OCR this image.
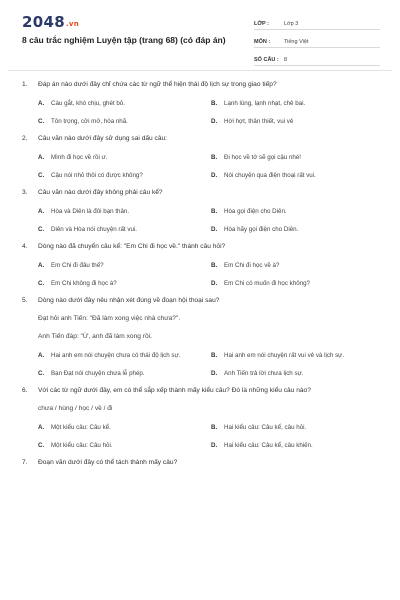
2048.vn
8 câu trắc nghiệm Luyện tập (trang 68) (có đáp án)
LỚP :	Lớp 3
MÔN :	Tiếng Việt
SỐ CÂU : 8
1.	Đáp án nào dưới đây chỉ chứa các từ ngữ thể hiện thái độ lịch sự trong giao tiếp?
A.	Cáu gắt, khó chịu, ghét bỏ.	B.	Lạnh lùng, lạnh nhạt, chê bai.
C.	Tôn trọng, cởi mở, hòa nhã.	D.	Hời hợt, thân thiết, vui vẻ
2.	Câu văn nào dưới đây sử dụng sai dấu câu:
A.	Mình đi học về rồi ư.	B.	Đi học về tớ sẽ gọi cậu nhé!
C.	Cậu nói nhỏ thôi có được không?	D.	Nói chuyện qua điện thoại rất vui.
3.	Câu văn nào dưới đây không phải câu kể?
A.	Hòa và Diên là đôi bạn thân.	B.	Hòa gọi điện cho Diên.
C.	Diên và Hòa nói chuyện rất vui.	D.	Hòa hãy gọi điện cho Diên.
4.	Dòng nào đã chuyển câu kể: "Em Chi đi học về." thành câu hỏi?
A.	Em Chi đi đâu thế?	B.	Em Chi đi học về à?
C.	Em Chi không đi học à?	D.	Em Chi có muốn đi học không?
5.	Dòng nào dưới đây nêu nhận xét đúng về đoạn hội thoại sau?
Đạt hỏi anh Tiến: "Đã làm xong việc nhà chưa?".
Anh Tiến đáp: "Ừ, anh đã làm xong rồi.
A.	Hai anh em nói chuyện chưa có thái độ lịch sự.	B.	Hai anh em nói chuyện rất vui vẻ và lịch sự.
C.	Bạn Đạt nói chuyện chưa lễ phép.	D.	Anh Tiến trả lời chưa lịch sự.
6.	Với các từ ngữ dưới đây, em có thể sắp xếp thành mấy kiểu câu? Đó là những kiểu câu nào?
chưa / hùng / học / về / đi
A.	Một kiểu câu: Câu kể.	B.	Hai kiểu câu: Câu kể, câu hỏi.
C.	Một kiểu câu: Câu hỏi.	D.	Hai kiểu câu: Câu kể, câu khiến.
7.	Đoạn văn dưới đây có thể tách thành mấy câu?
